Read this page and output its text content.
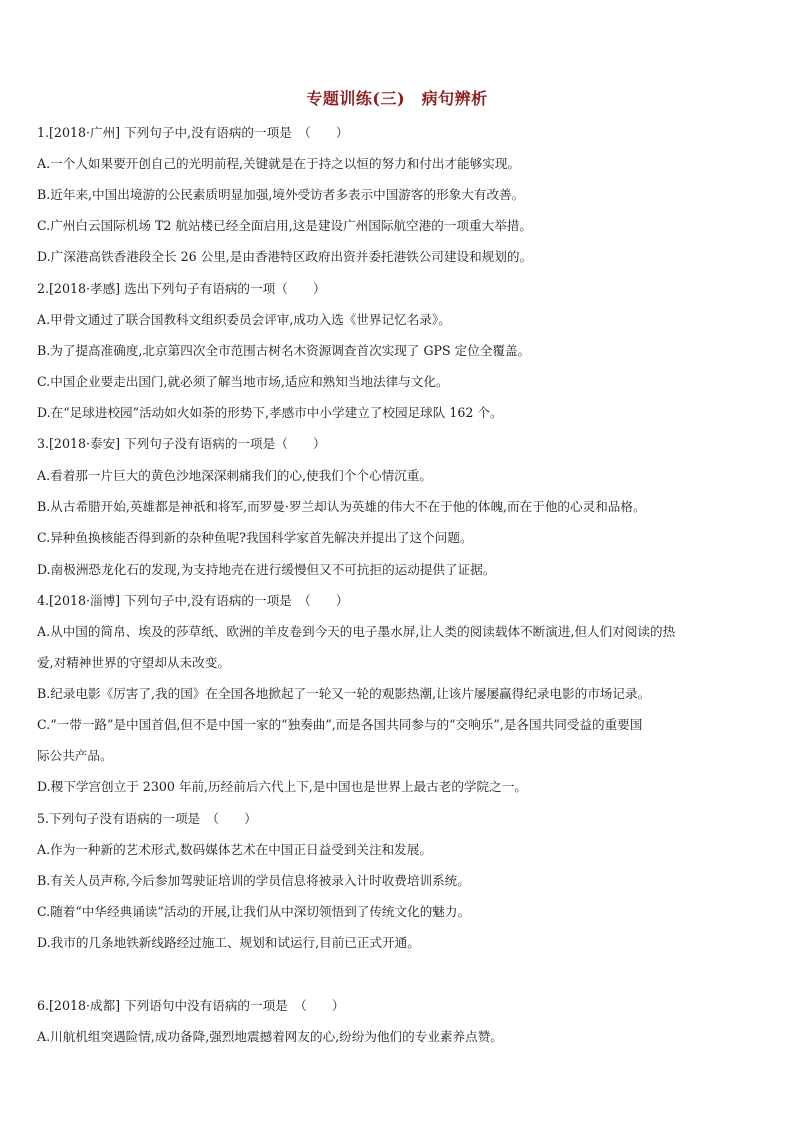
专题训练(三)　病句辨析
1.[2018·广州] 下列句子中,没有语病的一项是　（　　）
A.一个人如果要开创自己的光明前程,关键就是在于持之以恒的努力和付出才能够实现。
B.近年来,中国出境游的公民素质明显加强,境外受访者多表示中国游客的形象大有改善。
C.广州白云国际机场 T2 航站楼已经全面启用,这是建设广州国际航空港的一项重大举措。
D.广深港高铁香港段全长 26 公里,是由香港特区政府出资并委托港铁公司建设和规划的。
2.[2018·孝感] 选出下列句子有语病的一项（　　）
A.甲骨文通过了联合国教科文组织委员会评审,成功入选《世界记忆名录》。
B.为了提高准确度,北京第四次全市范围古树名木资源调查首次实现了 GPS 定位全覆盖。
C.中国企业要走出国门,就必须了解当地市场,适应和熟知当地法律与文化。
D.在“足球进校园”活动如火如荼的形势下,孝感市中小学建立了校园足球队 162 个。
3.[2018·泰安] 下列句子没有语病的一项是（　　）
A.看着那一片巨大的黄色沙地深深刺痛我们的心,使我们个个心情沉重。
B.从古希腊开始,英雄都是神祇和将军,而罗曼·罗兰却认为英雄的伟大不在于他的体魄,而在于他的心灵和品格。
C.异种鱼换核能否得到新的杂种鱼呢?我国科学家首先解决并提出了这个问题。
D.南极洲恐龙化石的发现,为支持地壳在进行缓慢但又不可抗拒的运动提供了证据。
4.[2018·淄博] 下列句子中,没有语病的一项是　（　　）
A.从中国的简帛、埃及的莎草纸、欧洲的羊皮卷到今天的电子墨水屏,让人类的阅读载体不断演进,但人们对阅读的热
爱,对精神世界的守望却从未改变。
B.纪录电影《厉害了,我的国》在全国各地掀起了一轮又一轮的观影热潮,让该片屡屡赢得纪录电影的市场记录。
C.“一带一路”是中国首倡,但不是中国一家的“独奏曲”,而是各国共同参与的“交响乐”,是各国共同受益的重要国
际公共产品。
D.稷下学宫创立于 2300 年前,历经前后六代上下,是中国也是世界上最古老的学院之一。
5.下列句子没有语病的一项是　（　　）
A.作为一种新的艺术形式,数码媒体艺术在中国正日益受到关注和发展。
B.有关人员声称,今后参加驾驶证培训的学员信息将被录入计时收费培训系统。
C.随着“中华经典诵读”活动的开展,让我们从中深切领悟到了传统文化的魅力。
D.我市的几条地铁新线路经过施工、规划和试运行,目前已正式开通。
6.[2018·成都] 下列语句中没有语病的一项是　（　　）
A.川航机组突遇险情,成功备降,强烈地震撼着网友的心,纷纷为他们的专业素养点赞。
